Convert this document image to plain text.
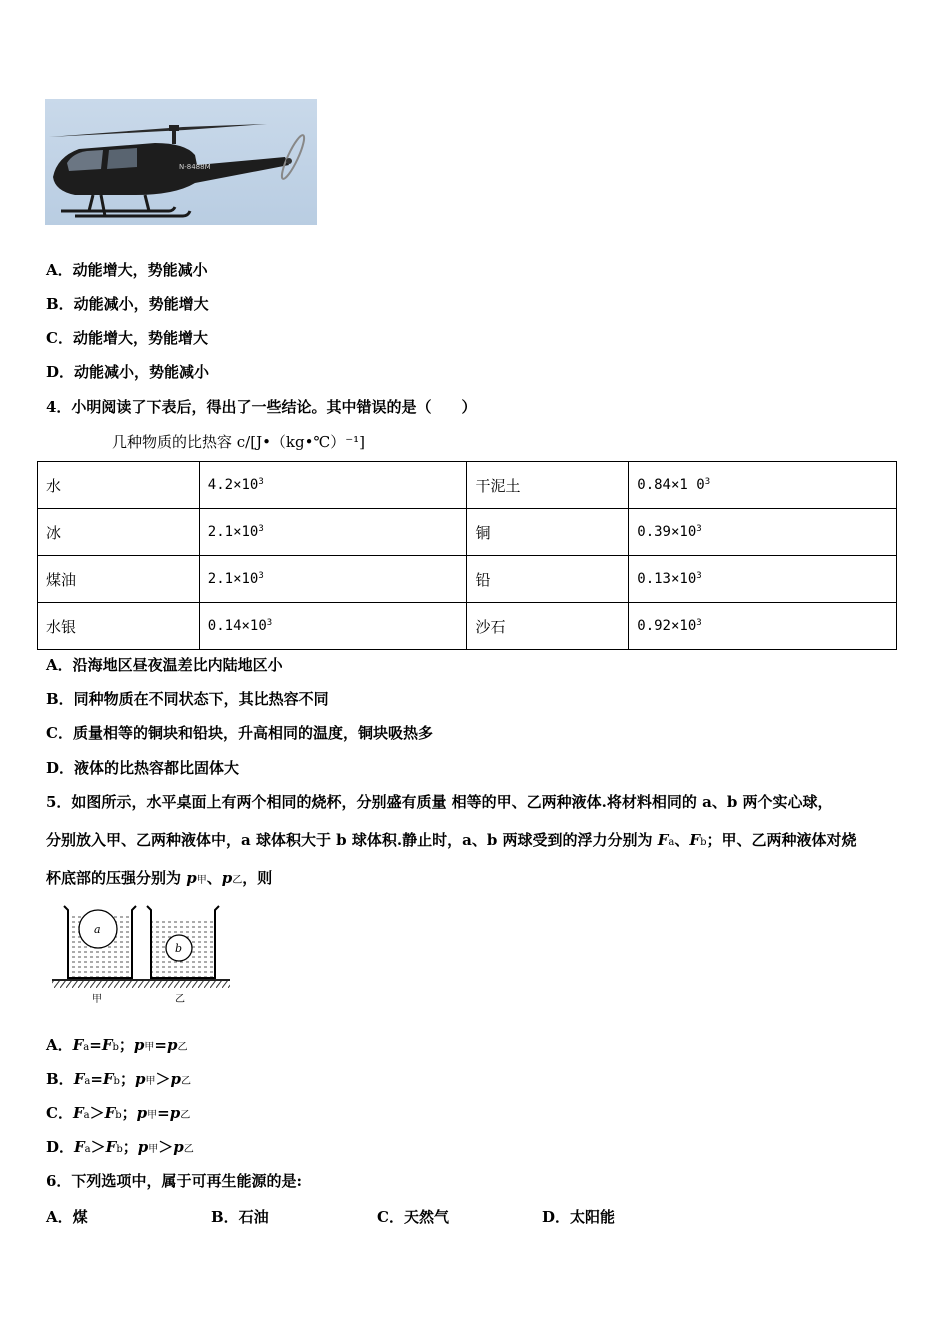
N-8488M
A．动能增大，势能减小
B．动能减小，势能增大
C．动能增大，势能增大
D．动能减小，势能减小
4．小明阅读了下表后，得出了一些结论。其中错误的是（　　）
几种物质的比热容 c/[J•（kg•℃）⁻¹]
水	$4.2\times 10^3$	干泥土	0.84×1 $0^3$
冰	$2.1\times 10^3$	铜	$0.39\times 10^3$
煤油	$2.1\times 10^3$	铅	$0.13\times 10^3$
水银	$0.14\times 10^3$	沙石	$0.92\times 10^3$
A．沿海地区昼夜温差比内陆地区小
B．同种物质在不同状态下，其比热容不同
C．质量相等的铜块和铅块，升高相同的温度，铜块吸热多
D．液体的比热容都比固体大
5．如图所示，水平桌面上有两个相同的烧杯，分别盛有质量 相等的甲、乙两种液体.将材料相同的 a、b 两个实心球，
分别放入甲、乙两种液体中，a 球体积大于 b 球体积.静止时，a、b 两球受到的浮力分别为 Fa、Fb；甲、乙两种液体对烧
杯底部的压强分别为 p甲、p乙，则
a
b
甲	乙
A．Fa=Fb；p甲=p乙
B．Fa=Fb；p甲＞p乙
C．Fa＞Fb；p甲=p乙
D．Fa＞Fb；p甲＞p乙
6．下列选项中，属于可再生能源的是:
A．煤	B．石油	C．天然气	D．太阳能
